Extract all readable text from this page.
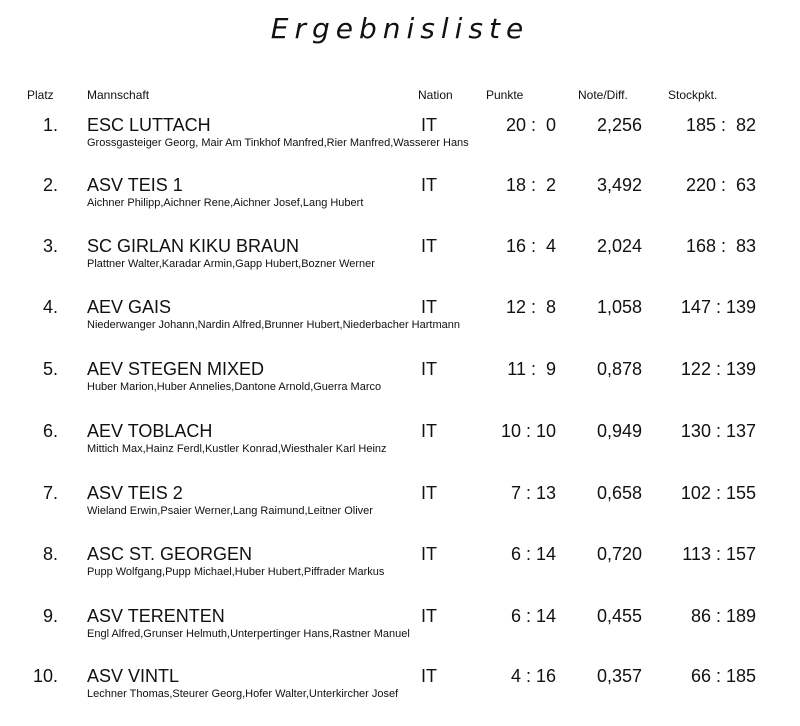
Ergebnisliste
Platz	Mannschaft	Nation	Punkte	Note/Diff.	Stockpkt.
1. ESC LUTTACH	IT	20 :  0	2,256	185 :  82
Grossgasteiger Georg, Mair Am Tinkhof Manfred,Rier Manfred,Wasserer Hans
2. ASV TEIS 1	IT	18 :  2	3,492	220 :  63
Aichner Philipp,Aichner Rene,Aichner Josef,Lang Hubert
3. SC GIRLAN KIKU BRAUN	IT	16 :  4	2,024	168 :  83
Plattner Walter,Karadar Armin,Gapp Hubert,Bozner Werner
4. AEV GAIS	IT	12 :  8	1,058	147 : 139
Niederwanger Johann,Nardin Alfred,Brunner Hubert,Niederbacher Hartmann
5. AEV STEGEN MIXED	IT	11 :  9	0,878	122 : 139
Huber Marion,Huber Annelies,Dantone Arnold,Guerra Marco
6. AEV TOBLACH	IT	10 : 10	0,949	130 : 137
Mittich Max,Hainz Ferdl,Kustler Konrad,Wiesthaler Karl Heinz
7. ASV TEIS 2	IT	7 : 13	0,658	102 : 155
Wieland Erwin,Psaier Werner,Lang Raimund,Leitner Oliver
8. ASC ST. GEORGEN	IT	6 : 14	0,720	113 : 157
Pupp Wolfgang,Pupp Michael,Huber Hubert,Piffrader Markus
9. ASV TERENTEN	IT	6 : 14	0,455	86 : 189
Engl Alfred,Grunser Helmuth,Unterpertinger Hans,Rastner Manuel
10. ASV VINTL	IT	4 : 16	0,357	66 : 185
Lechner Thomas,Steurer Georg,Hofer Walter,Unterkircher Josef
